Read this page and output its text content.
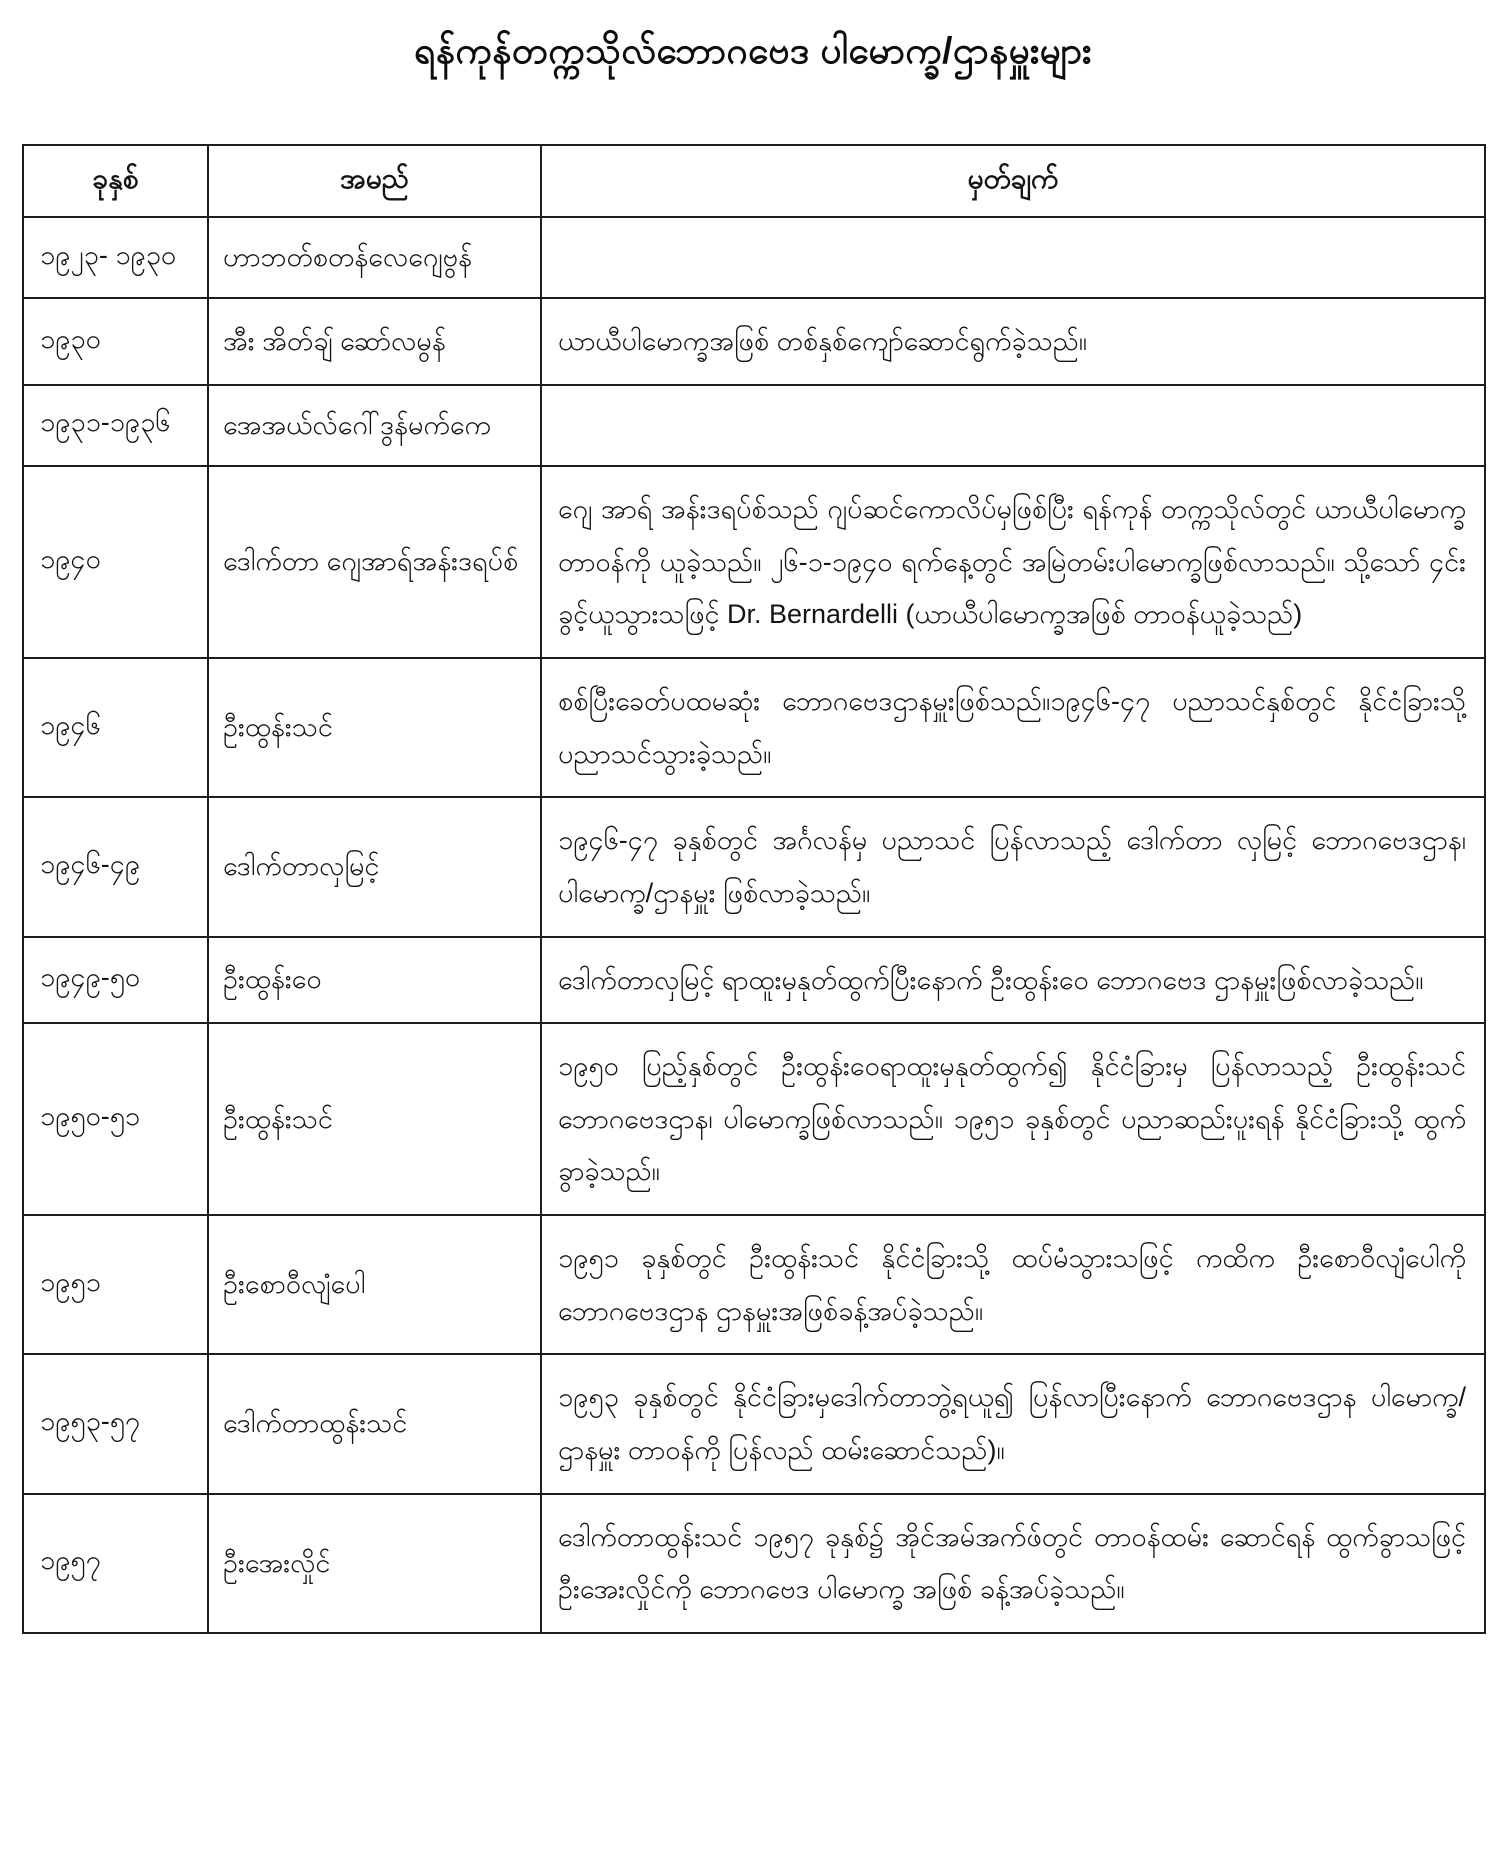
ရန်ကုန်တက္ကသိုလ်ဘောဂဗေဒ ပါမောက္ခ/ဌာနမှူးများ
ခုနှစ်	အမည်	မှတ်ချက်
၁၉၂၃- ၁၉၃၀	ဟာဘတ်စတန်လေဂျေဗွန်	
၁၉၃၀	အီး အိတ်ချ် ဆော်လမွန်	ယာယီပါမောက္ခအဖြစ် တစ်နှစ်ကျော်ဆောင်ရွက်ခဲ့သည်။
၁၉၃၁-၁၉၃၆	အေအယ်လ်ဂေါ်ဒွန်မက်ကေ	
၁၉၄၀	ဒေါက်တာ ဂျေအာရ်အန်းဒရပ်စ်	ဂျေ အာရ် အန်းဒရပ်စ်သည် ဂျပ်ဆင်ကောလိပ်မှဖြစ်ပြီး ရန်ကုန် တက္ကသိုလ်တွင် ယာယီပါမောက္ခတာဝန်ကို ယူခဲ့သည်။ ၂၆-၁-၁၉၄၀ ရက်နေ့တွင် အမြဲတမ်းပါမောက္ခဖြစ်လာသည်။ သို့သော် ၄င်းခွင့်ယူသွားသဖြင့် Dr. Bernardelli (ယာယီပါမောက္ခအဖြစ် တာဝန်ယူခဲ့သည်)
၁၉၄၆	ဦးထွန်းသင်	စစ်ပြီးခေတ်ပထမဆုံး ဘောဂဗေဒဌာနမှူးဖြစ်သည်။၁၉၄၆-၄၇ ပညာသင်နှစ်တွင် နိုင်ငံခြားသို့ပညာသင်သွားခဲ့သည်။
၁၉၄၆-၄၉	ဒေါက်တာလှမြင့်	၁၉၄၆-၄၇ ခုနှစ်တွင် အင်္ဂလန်မှ ပညာသင် ပြန်လာသည့် ဒေါက်တာ လှမြင့် ဘောဂဗေဒဌာန၊ ပါမောက္ခ/ဌာနမှူး ဖြစ်လာခဲ့သည်။
၁၉၄၉-၅၀	ဦးထွန်းဝေ	ဒေါက်တာလှမြင့် ရာထူးမှနုတ်ထွက်ပြီးနောက် ဦးထွန်းဝေ ဘောဂဗေဒ ဌာနမှူးဖြစ်လာခဲ့သည်။
၁၉၅၀-၅၁	ဦးထွန်းသင်	၁၉၅၀ ပြည့်နှစ်တွင် ဦးထွန်းဝေရာထူးမှနုတ်ထွက်၍ နိုင်ငံခြားမှ ပြန်လာသည့် ဦးထွန်းသင် ဘောဂဗေဒဌာန၊ ပါမောက္ခဖြစ်လာသည်။ ၁၉၅၁ ခုနှစ်တွင် ပညာဆည်းပူးရန် နိုင်ငံခြားသို့ ထွက်ခွာခဲ့သည်။
၁၉၅၁	ဦးစောဝီလျံပေါ	၁၉၅၁ ခုနှစ်တွင် ဦးထွန်းသင် နိုင်ငံခြားသို့ ထပ်မံသွားသဖြင့် ကထိက ဦးစောဝီလျံပေါကို ဘောဂဗေဒဌာန ဌာနမှူးအဖြစ်ခန့်အပ်ခဲ့သည်။
၁၉၅၃-၅၇	ဒေါက်တာထွန်းသင်	၁၉၅၃ ခုနှစ်တွင် နိုင်ငံခြားမှဒေါက်တာဘွဲ့ရယူ၍ ပြန်လာပြီးနောက် ဘောဂဗေဒဌာန ပါမောက္ခ/ ဌာနမှူး တာဝန်ကို ပြန်လည် ထမ်းဆောင်သည်)။
၁၉၅၇	ဦးအေးလှိုင်	ဒေါက်တာထွန်းသင် ၁၉၅၇ ခုနှစ်၌ အိုင်အမ်အက်ဖ်တွင် တာဝန်ထမ်း ဆောင်ရန် ထွက်ခွာသဖြင့် ဦးအေးလှိုင်ကို ဘောဂဗေဒ ပါမောက္ခ အဖြစ် ခန့်အပ်ခဲ့သည်။
